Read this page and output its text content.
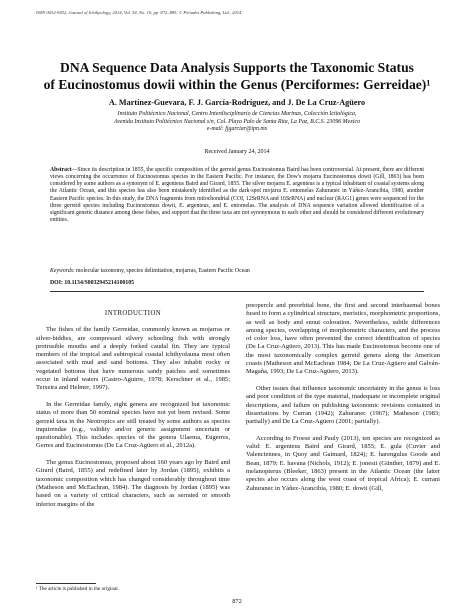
ISSN 0032-9452, Journal of Ichthyology, 2014, Vol. 54, No. 10, pp. 872–885. © Pleiades Publishing, Ltd., 2014.
DNA Sequence Data Analysis Supports the Taxonomic Status
of Eucinostomus dowii within the Genus (Perciformes: Gerreidae)¹
A. Martínez-Guevara, F. J. García-Rodríguez, and J. De La Cruz-Agüero
Instituto Politécnico Nacional, Centro Interdisciplinario de Ciencias Marinas, Colección Ictiológica,
Avenida Instituto Politécnico Nacional s/n, Col. Playa Palo de Santa Rita, La Paz, B.C.S. 23096 Mexico
e-mail: fjgarciar@ipn.mx
Received January 24, 2014
Abstract—Since its description in 1855, the specific composition of the gerreid genus Eucinostomus Baird has been controversial. At present, there are different views concerning the occurrence of Eucinostomus species in the Eastern Pacific. For instance, the Dow's mojarra Eucinostomus dowii (Gill, 1863) has been considered by some authors as a synonym of E. argenteus Baird and Girard, 1855. The silver mojarra E. argenteus is a typical inhabitant of coastal systems along the Atlantic Ocean, and this species has also been mistakenly identified as the dark-spot mojarra E. entomelas Zahuranec in Yáñez-Arancibia, 1980, another Eastern Pacific species. In this study, the DNA fragments from mitochondrial (COI, 12SrRNA and 16SrRNA) and nuclear (RAG1) genes were sequenced for the three gerreid species including Eucinostomus dowii, E. argenteus, and E. entomelas. The analysis of DNA sequence variation allowed identification of a significant genetic distance among these fishes, and support that the three taxa are not synonymous to each other and should be considered different evolutionary entities.
Keywords: molecular taxonomy, species delimitation, mojarras, Eastern Pacific Ocean
DOI: 10.1134/S0032945214100105
INTRODUCTION

The fishes of the family Gerreidae, commonly known as mojarras or silver-biddies, are compressed silvery schooling fish with strongly protrusible mouths and a deeply forked caudal fin. They are typical members of the tropical and subtropical coastal ichthyofauna most often associated with mud and sand bottoms. They also inhabit rocky or vegetated bottoms that have numerous sandy patches and sometimes occur in inland waters (Castro-Aguirre, 1978; Kerschner et al., 1985; Teixeira and Helmer, 1997).

In the Gerreidae family, eight genera are recognized but taxonomic status of more than 50 nominal species have not yet been revised. Some gerreid taxa in the Neotropics are still treated by some authors as species inquirendae (e.g., validity and/or generic assignment uncertain or questionable). This includes species of the genera Ulaema, Eugerres, Gerres and Eucinostomus (De La Cruz-Agüero et al., 2012a).

The genus Eucinostomus, proposed about 160 years ago by Baird and Girard (Baird, 1855) and redefined later by Jordan (1895), exhibits a taxonomic composition which has changed considerably throughout time (Matheson and McEachran, 1984). The diagnosis by Jordan (1895) was based on a variety of critical characters, such as serrated or smooth inferior margins of the

preopercle and preorbital bone, the first and second interhaemal bones fused to form a cylindrical structure, meristics, morphometric proportions, as well as body and snout coloration. Nevertheless, subtle differences among species, overlapping of morphometric characters, and the process of color loss, have often prevented the correct identification of species (De La Cruz-Agüero, 2013). This has made Eucinostomus become one of the most taxonomically complex gerreid genera along the American coasts (Matheson and McEachran 1984; De La Cruz-Agüero and Galván-Magaña, 1993; De La Cruz-Agüero, 2013).

Other issues that influence taxonomic uncertainty in the genus is loss and poor condition of the type material, inadequate or incomplete original descriptions, and failure on publishing taxonomic revisions contained in dissertations by Curran (1942); Zahuranec (1967); Matheson (1983; partially) and De La Cruz-Agüero (2001; partially).

According to Froese and Pauly (2013), ten species are recognized as valid: E. argenteus Baird and Girard, 1855; E. gula (Cuvier and Valenciennes, in Quoy and Gaimard, 1824); E. harengulus Goode and Bean, 1879; E. havana (Nichols, 1912); E. jonesii (Günther, 1879) and E. melanopterus (Bleeker, 1863) present in the Atlantic Ocean (the latter species also occurs along the west coast of tropical Africa); E. currani Zahuranec in Yáñez-Arancibia, 1980; E. dowii (Gill,

¹ The article is published in the original.
872
